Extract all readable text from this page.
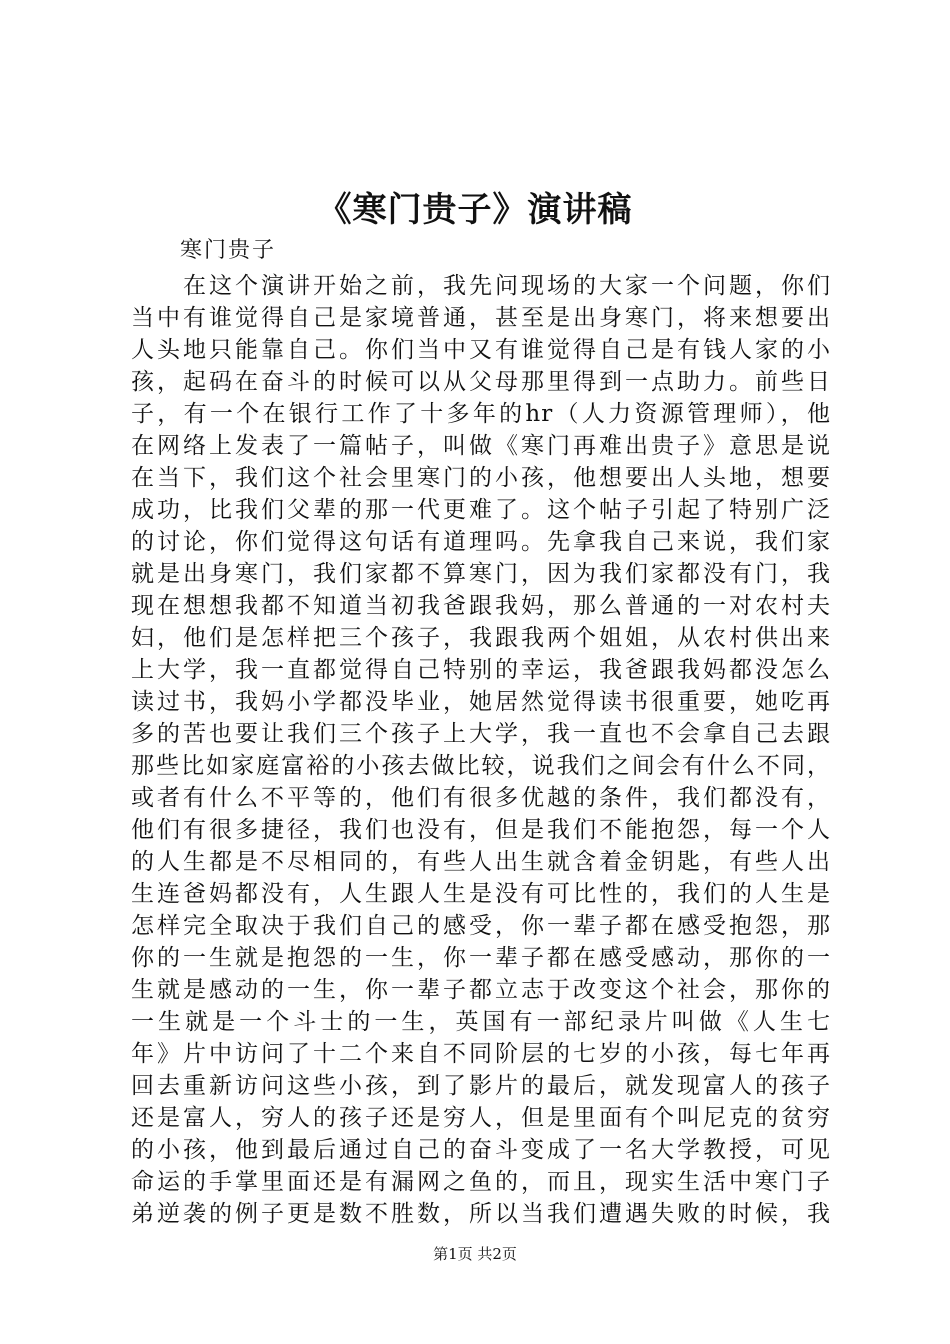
《寒门贵子》演讲稿
寒门贵子
在这个演讲开始之前，我先问现场的大家一个问题，你们
当中有谁觉得自己是家境普通，甚至是出身寒门，将来想要出
人头地只能靠自己。你们当中又有谁觉得自己是有钱人家的小
孩，起码在奋斗的时候可以从父母那里得到一点助力。前些日
子，有一个在银行工作了十多年的hr（人力资源管理师），他
在网络上发表了一篇帖子，叫做《寒门再难出贵子》意思是说
在当下，我们这个社会里寒门的小孩，他想要出人头地，想要
成功，比我们父辈的那一代更难了。这个帖子引起了特别广泛
的讨论，你们觉得这句话有道理吗。先拿我自己来说，我们家
就是出身寒门，我们家都不算寒门，因为我们家都没有门，我
现在想想我都不知道当初我爸跟我妈，那么普通的一对农村夫
妇，他们是怎样把三个孩子，我跟我两个姐姐，从农村供出来
上大学，我一直都觉得自己特别的幸运，我爸跟我妈都没怎么
读过书，我妈小学都没毕业，她居然觉得读书很重要，她吃再
多的苦也要让我们三个孩子上大学，我一直也不会拿自己去跟
那些比如家庭富裕的小孩去做比较，说我们之间会有什么不同，
或者有什么不平等的，他们有很多优越的条件，我们都没有，
他们有很多捷径，我们也没有，但是我们不能抱怨，每一个人
的人生都是不尽相同的，有些人出生就含着金钥匙，有些人出
生连爸妈都没有，人生跟人生是没有可比性的，我们的人生是
怎样完全取决于我们自己的感受，你一辈子都在感受抱怨，那
你的一生就是抱怨的一生，你一辈子都在感受感动，那你的一
生就是感动的一生，你一辈子都立志于改变这个社会，那你的
一生就是一个斗士的一生，英国有一部纪录片叫做《人生七
年》片中访问了十二个来自不同阶层的七岁的小孩，每七年再
回去重新访问这些小孩，到了影片的最后，就发现富人的孩子
还是富人，穷人的孩子还是穷人，但是里面有个叫尼克的贫穷
的小孩，他到最后通过自己的奋斗变成了一名大学教授，可见
命运的手掌里面还是有漏网之鱼的，而且，现实生活中寒门子
弟逆袭的例子更是数不胜数，所以当我们遭遇失败的时候，我
第1页 共2页
